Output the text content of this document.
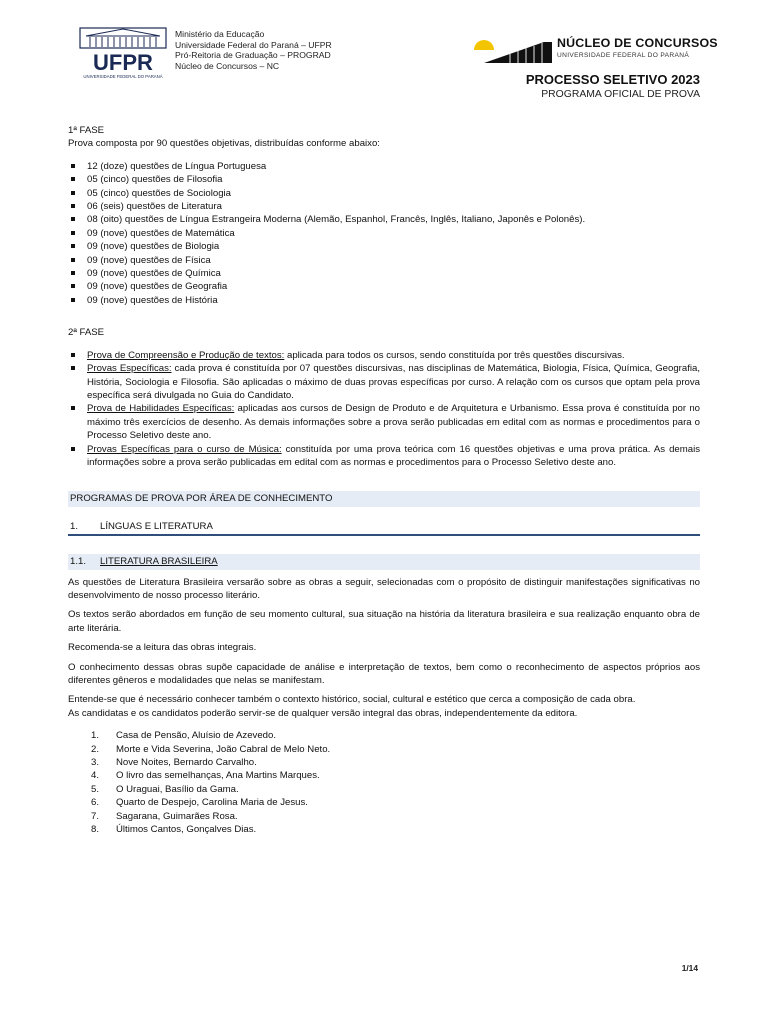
UFPR
UNIVERSIDADE FEDERAL DO PARANÁ
Ministério da Educação
Universidade Federal do Paraná – UFPR
Pró-Reitoria de Graduação – PROGRAD
Núcleo de Concursos – NC
NÚCLEO DE CONCURSOS
UNIVERSIDADE FEDERAL DO PARANÁ
PROCESSO SELETIVO 2023
PROGRAMA OFICIAL DE PROVA

1ª FASE

Prova composta por 90 questões objetivas, distribuídas conforme abaixo:

12 (doze) questões de Língua Portuguesa
05 (cinco) questões de Filosofia
05 (cinco) questões de Sociologia
06 (seis) questões de Literatura
08 (oito) questões de Língua Estrangeira Moderna (Alemão, Espanhol, Francês, Inglês, Italiano, Japonês e Polonês).
09 (nove) questões de Matemática
09 (nove) questões de Biologia
09 (nove) questões de Física
09 (nove) questões de Química
09 (nove) questões de Geografia
09 (nove) questões de História

2ª FASE

Prova de Compreensão e Produção de textos: aplicada para todos os cursos, sendo constituída por três questões discursivas.
Provas Específicas: cada prova é constituída por 07 questões discursivas, nas disciplinas de Matemática, Biologia, Física, Química, Geografia, História, Sociologia e Filosofia. São aplicadas o máximo de duas provas específicas por curso. A relação com os cursos que optam pela prova específica será divulgada no Guia do Candidato.
Prova de Habilidades Específicas: aplicadas aos cursos de Design de Produto e de Arquitetura e Urbanismo. Essa prova é constituída por no máximo três exercícios de desenho. As demais informações sobre a prova serão publicadas em edital com as normas e procedimentos para o Processo Seletivo deste ano.
Provas Específicas para o curso de Música: constituída por uma prova teórica com 16 questões objetivas e uma prova prática. As demais informações sobre a prova serão publicadas em edital com as normas e procedimentos para o Processo Seletivo deste ano.
PROGRAMAS DE PROVA POR ÁREA DE CONHECIMENTO
1. LÍNGUAS E LITERATURA
1.1. LITERATURA BRASILEIRA

As questões de Literatura Brasileira versarão sobre as obras a seguir, selecionadas com o propósito de distinguir manifestações significativas no desenvolvimento de nosso processo literário.

Os textos serão abordados em função de seu momento cultural, sua situação na história da literatura brasileira e sua realização enquanto obra de arte literária.

Recomenda-se a leitura das obras integrais.

O conhecimento dessas obras supõe capacidade de análise e interpretação de textos, bem como o reconhecimento de aspectos próprios aos diferentes gêneros e modalidades que nelas se manifestam.

Entende-se que é necessário conhecer também o contexto histórico, social, cultural e estético que cerca a composição de cada obra.

As candidatas e os candidatos poderão servir-se de qualquer versão integral das obras, independentemente da editora.

1. Casa de Pensão, Aluísio de Azevedo.
2. Morte e Vida Severina, João Cabral de Melo Neto.
3. Nove Noites, Bernardo Carvalho.
4. O livro das semelhanças, Ana Martins Marques.
5. O Uraguai, Basílio da Gama.
6. Quarto de Despejo, Carolina Maria de Jesus.
7. Sagarana, Guimarães Rosa.
8. Últimos Cantos, Gonçalves Dias.
1/14
